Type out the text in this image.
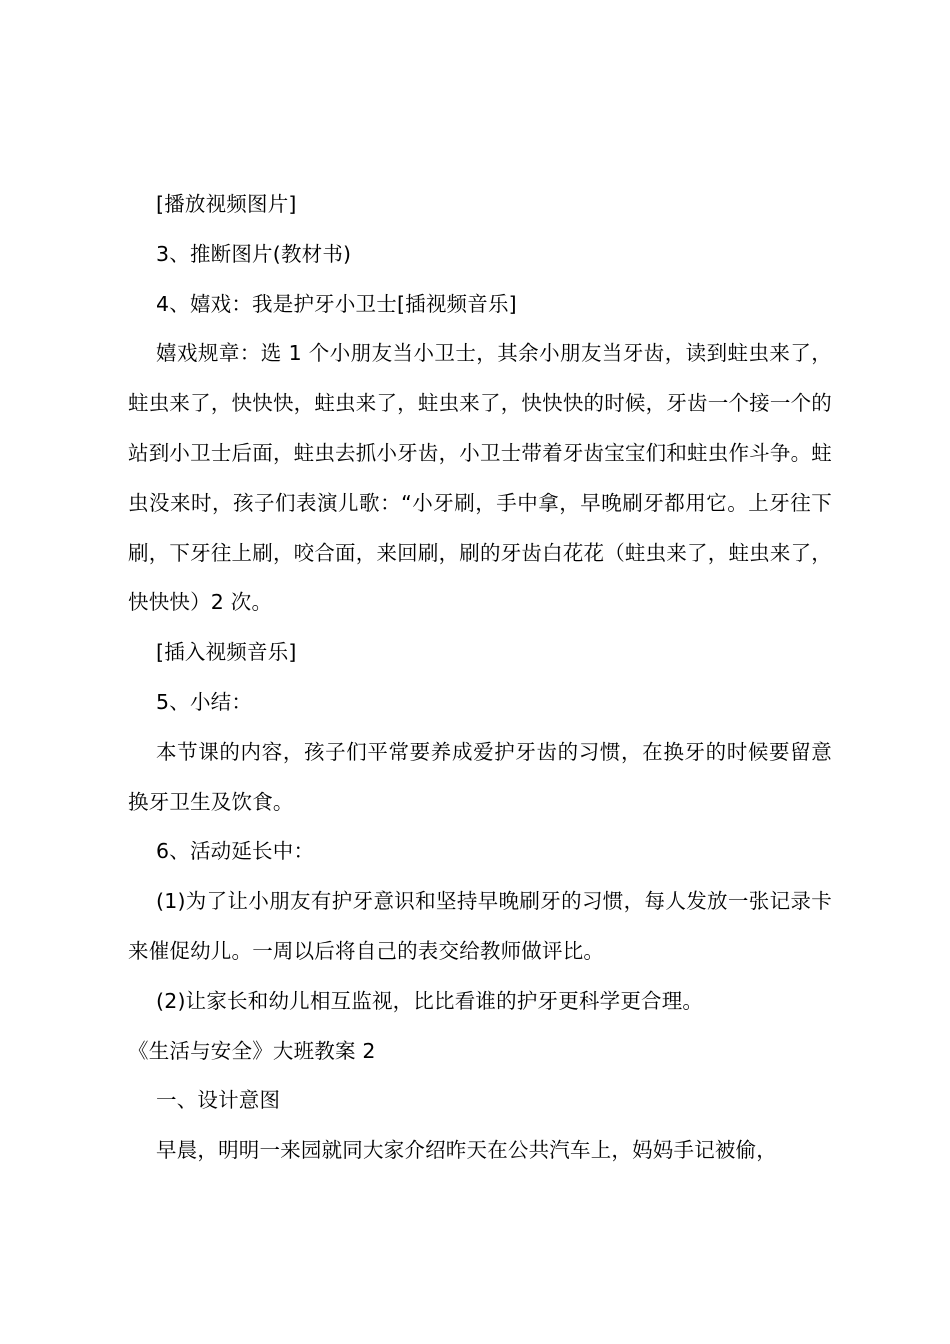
[播放视频图片]

3、推断图片(教材书)

4、嬉戏：我是护牙小卫士[插视频音乐]

嬉戏规章：选 1 个小朋友当小卫士，其余小朋友当牙齿，读到蛀虫来了，蛀虫来了，快快快，蛀虫来了，蛀虫来了，快快快的时候，牙齿一个接一个的站到小卫士后面，蛀虫去抓小牙齿，小卫士带着牙齿宝宝们和蛀虫作斗争。蛀虫没来时，孩子们表演儿歌：“小牙刷，手中拿，早晚刷牙都用它。上牙往下刷，下牙往上刷，咬合面，来回刷，刷的牙齿白花花（蛀虫来了，蛀虫来了，快快快）2 次。

[插入视频音乐]

5、小结：

本节课的内容，孩子们平常要养成爱护牙齿的习惯，在换牙的时候要留意换牙卫生及饮食。

6、活动延长中：

(1)为了让小朋友有护牙意识和坚持早晚刷牙的习惯，每人发放一张记录卡来催促幼儿。一周以后将自己的表交给教师做评比。

(2)让家长和幼儿相互监视，比比看谁的护牙更科学更合理。

《生活与安全》大班教案 2

一、设计意图

早晨，明明一来园就同大家介绍昨天在公共汽车上，妈妈手记被偷，
